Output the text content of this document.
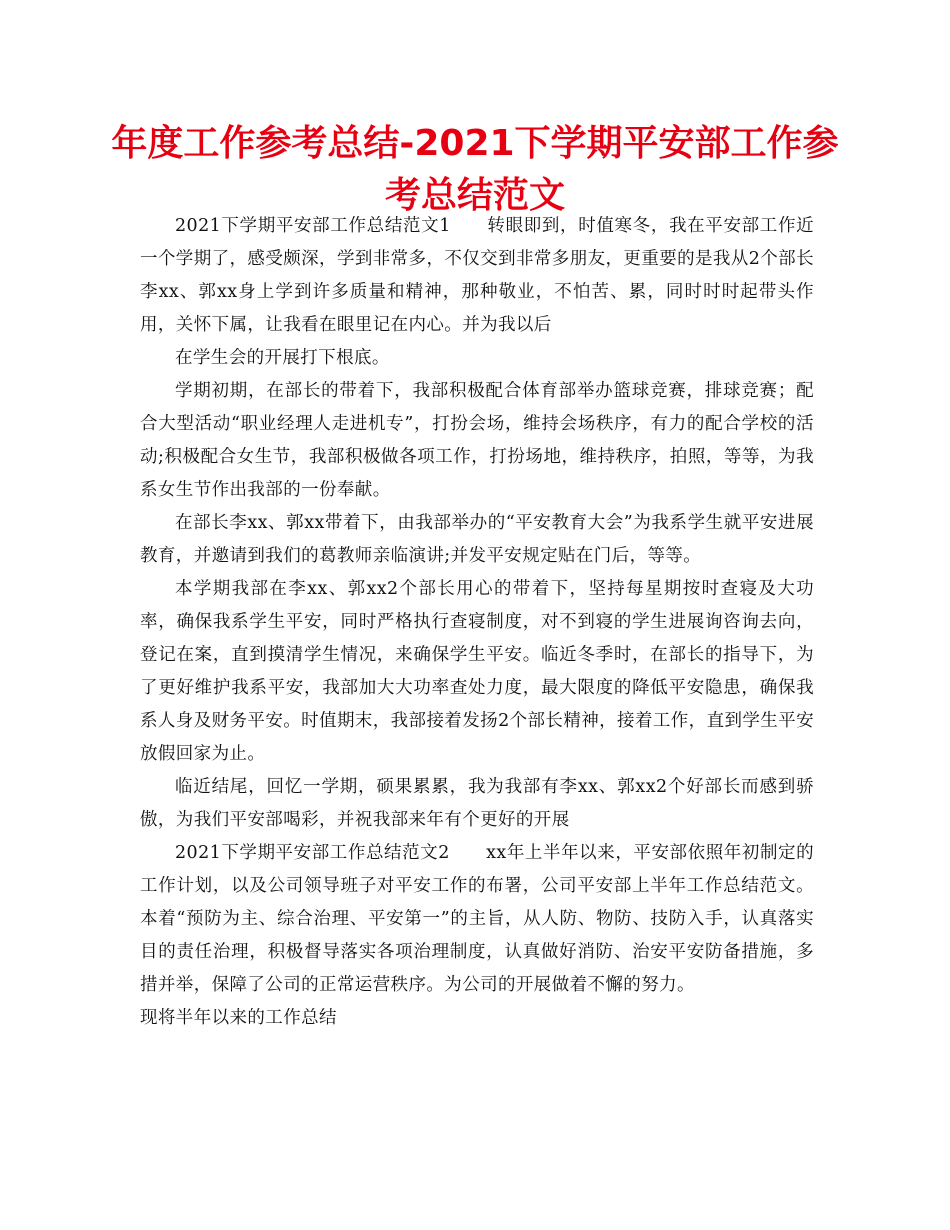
年度工作参考总结-2021下学期平安部工作参考总结范文

2021下学期平安部工作总结范文1　　转眼即到，时值寒冬，我在平安部工作近一个学期了，感受颇深，学到非常多，不仅交到非常多朋友，更重要的是我从2个部长李xx、郭xx身上学到许多质量和精神，那种敬业，不怕苦、累，同时时时起带头作用，关怀下属，让我看在眼里记在内心。并为我以后

在学生会的开展打下根底。

学期初期，在部长的带着下，我部积极配合体育部举办篮球竞赛，排球竞赛；配合大型活动“职业经理人走进机专”，打扮会场，维持会场秩序，有力的配合学校的活动;积极配合女生节，我部积极做各项工作，打扮场地，维持秩序，拍照，等等，为我系女生节作出我部的一份奉献。

在部长李xx、郭xx带着下，由我部举办的“平安教育大会”为我系学生就平安进展教育，并邀请到我们的葛教师亲临演讲;并发平安规定贴在门后，等等。

本学期我部在李xx、郭xx2个部长用心的带着下，坚持每星期按时查寝及大功率，确保我系学生平安，同时严格执行查寝制度，对不到寝的学生进展询咨询去向，登记在案，直到摸清学生情况，来确保学生平安。临近冬季时，在部长的指导下，为了更好维护我系平安，我部加大大功率查处力度，最大限度的降低平安隐患，确保我系人身及财务平安。时值期末，我部接着发扬2个部长精神，接着工作，直到学生平安放假回家为止。

临近结尾，回忆一学期，硕果累累，我为我部有李xx、郭xx2个好部长而感到骄傲，为我们平安部喝彩，并祝我部来年有个更好的开展

2021下学期平安部工作总结范文2　　xx年上半年以来，平安部依照年初制定的工作计划，以及公司领导班子对平安工作的布署，公司平安部上半年工作总结范文。本着“预防为主、综合治理、平安第一”的主旨，从人防、物防、技防入手，认真落实目的责任治理，积极督导落实各项治理制度，认真做好消防、治安平安防备措施，多措并举，保障了公司的正常运营秩序。为公司的开展做着不懈的努力。

现将半年以来的工作总结
